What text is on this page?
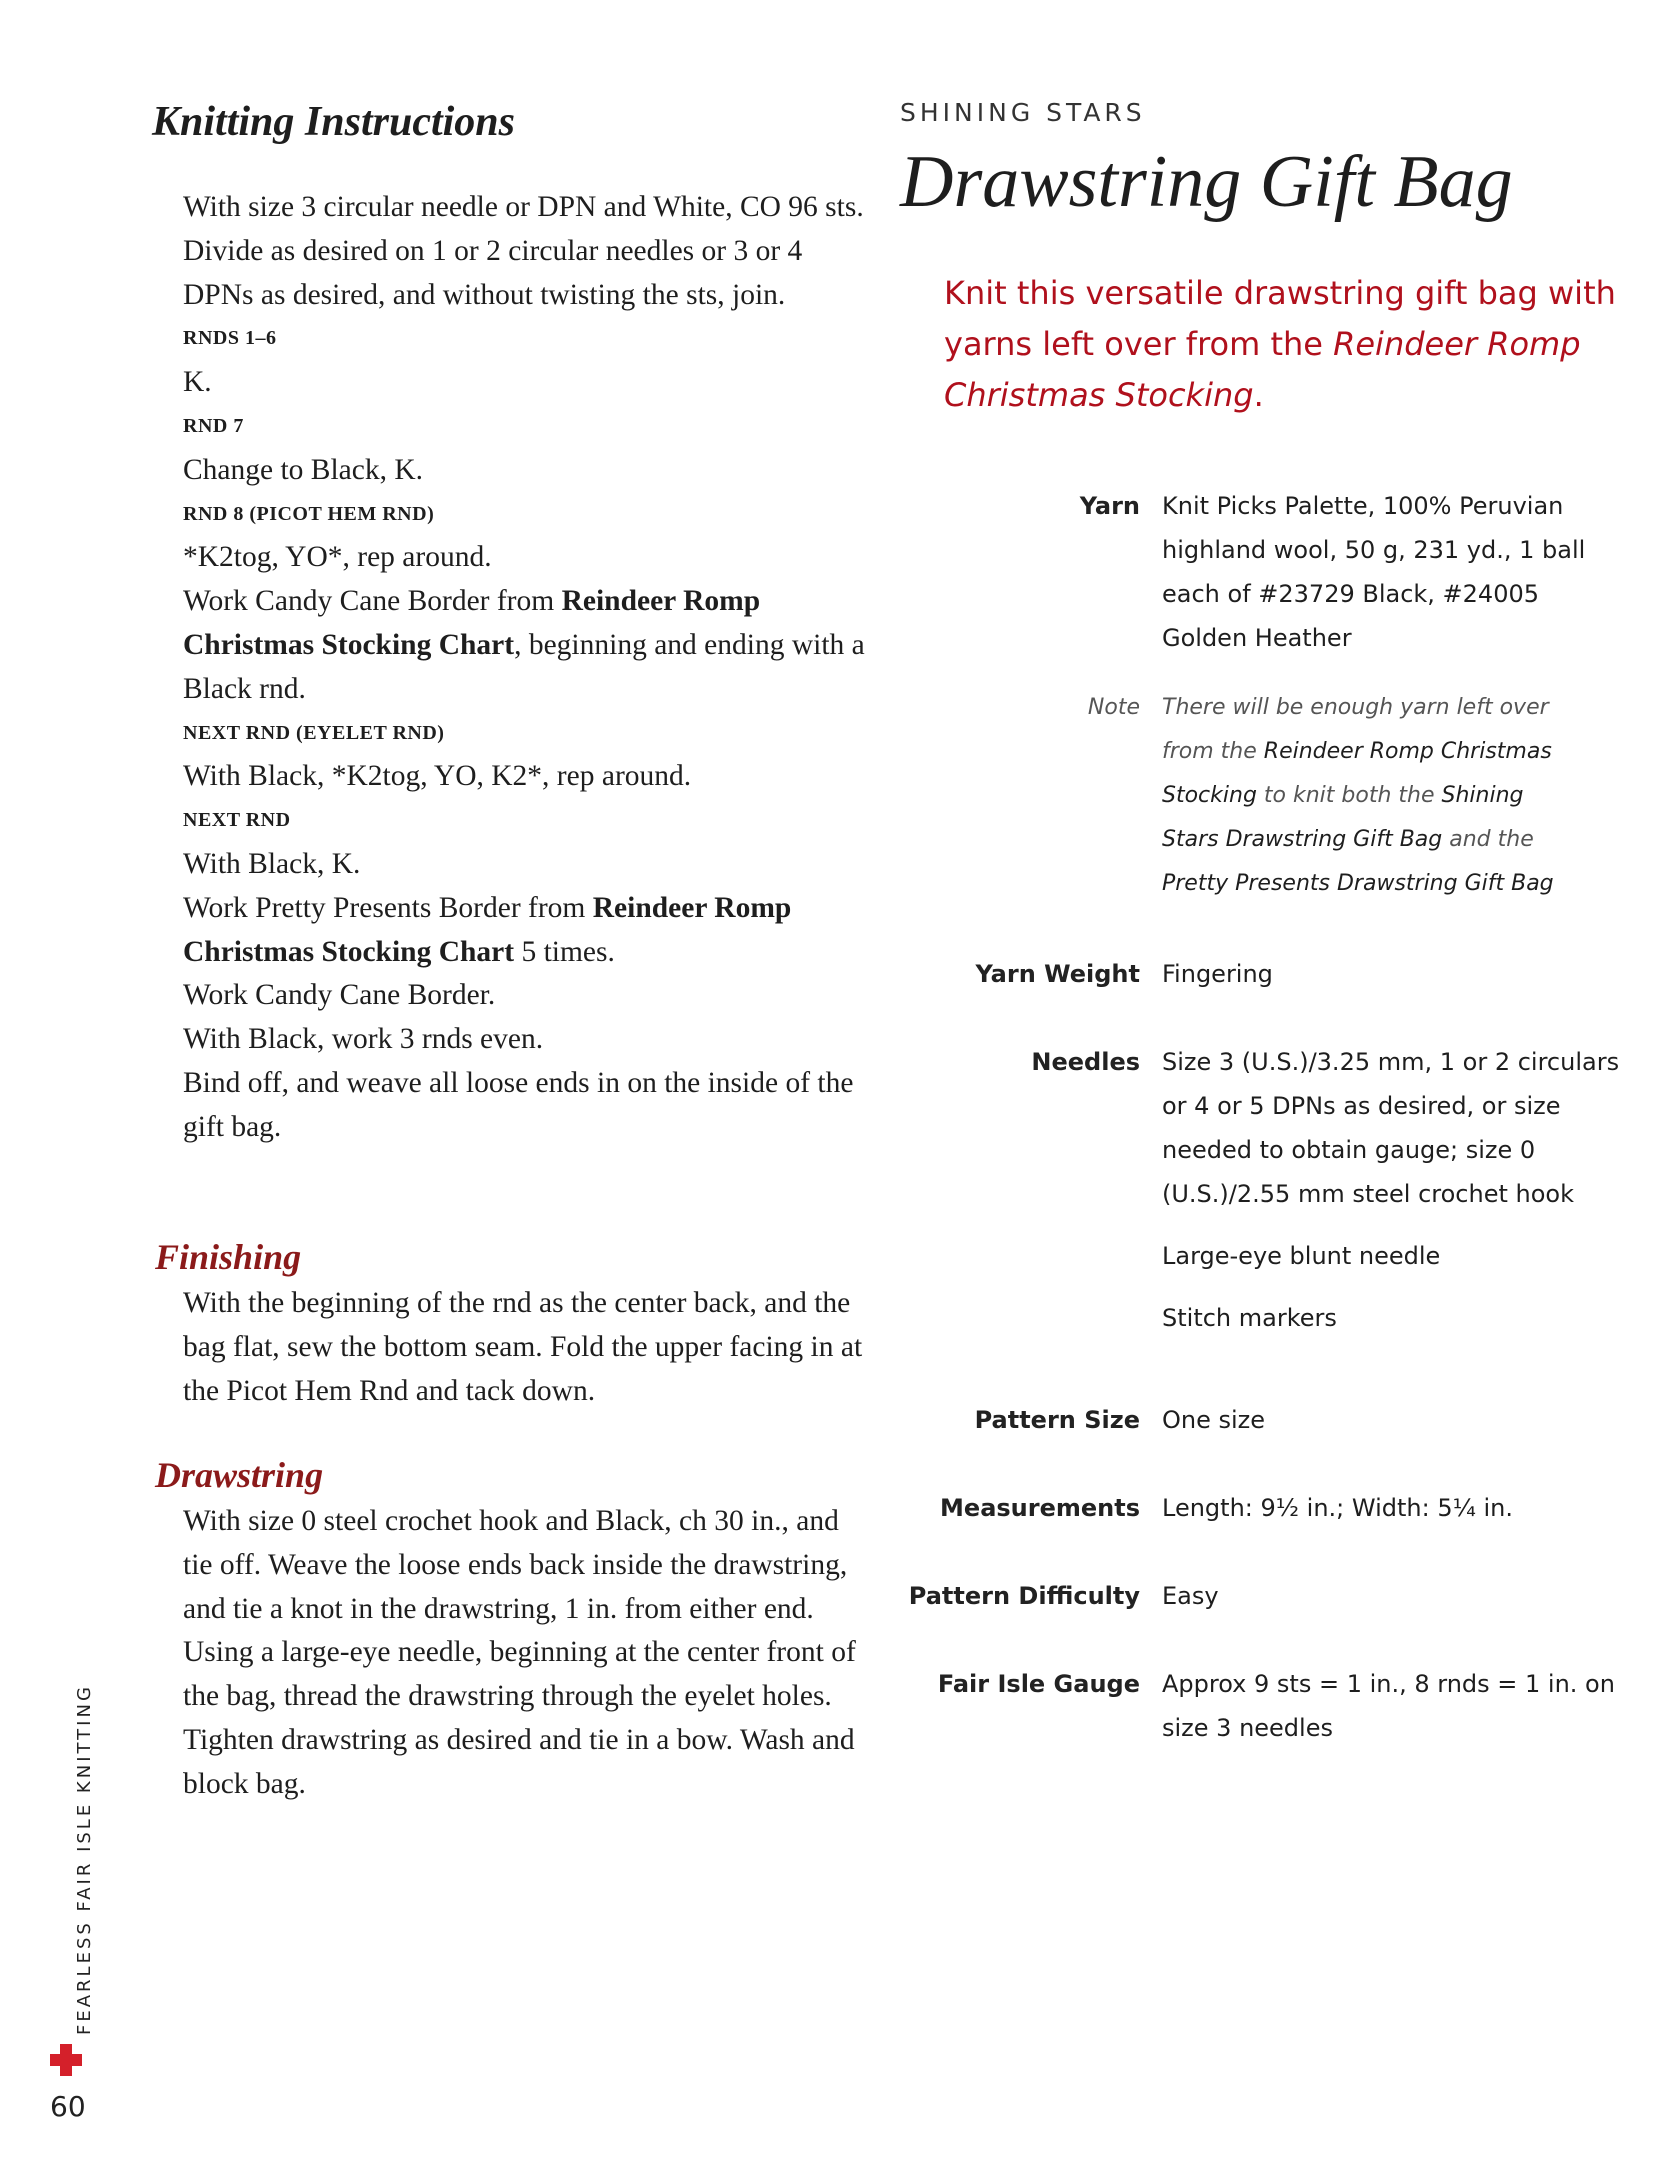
Knitting Instructions

With size 3 circular needle or DPN and White, CO 96 sts. Divide as desired on 1 or 2 circular needles or 3 or 4 DPNs as desired, and without twisting the sts, join.

RNDS 1–6

K.

RND 7

Change to Black, K.

RND 8 (PICOT HEM RND)

*K2tog, YO*, rep around.

Work Candy Cane Border from Reindeer Romp Christmas Stocking Chart, beginning and ending with a Black rnd.

NEXT RND (EYELET RND)

With Black, *K2tog, YO, K2*, rep around.

NEXT RND

With Black, K.

Work Pretty Presents Border from Reindeer Romp Christmas Stocking Chart 5 times.

Work Candy Cane Border.

With Black, work 3 rnds even.

Bind off, and weave all loose ends in on the inside of the gift bag.

Finishing

With the beginning of the rnd as the center back, and the bag flat, sew the bottom seam. Fold the upper facing in at the Picot Hem Rnd and tack down.

Drawstring

With size 0 steel crochet hook and Black, ch 30 in., and tie off. Weave the loose ends back inside the drawstring, and tie a knot in the drawstring, 1 in. from either end. Using a large-eye needle, beginning at the center front of the bag, thread the drawstring through the eyelet holes. Tighten drawstring as desired and tie in a bow. Wash and block bag.

FEARLESS FAIR ISLE KNITTING
60
SHINING STARS
Drawstring Gift Bag

Knit this versatile drawstring gift bag with yarns left over from the Reindeer Romp Christmas Stocking.

Yarn Knit Picks Palette, 100% Peruvian highland wool, 50 g, 231 yd., 1 ball each of #23729 Black, #24005 Golden Heather

Note There will be enough yarn left over from the Reindeer Romp Christmas Stocking to knit both the Shining Stars Drawstring Gift Bag and the Pretty Presents Drawstring Gift Bag
Yarn Weight Fingering

Needles Size 3 (U.S.)/3.25 mm, 1 or 2 circulars or 4 or 5 DPNs as desired, or size needed to obtain gauge; size 0 (U.S.)/2.55 mm steel crochet hook

Large-eye blunt needle

Stitch markers

Pattern Size One size

Measurements Length: 9½ in.; Width: 5¼ in.

Pattern Difficulty Easy

Fair Isle Gauge Approx 9 sts = 1 in., 8 rnds = 1 in. on size 3 needles
